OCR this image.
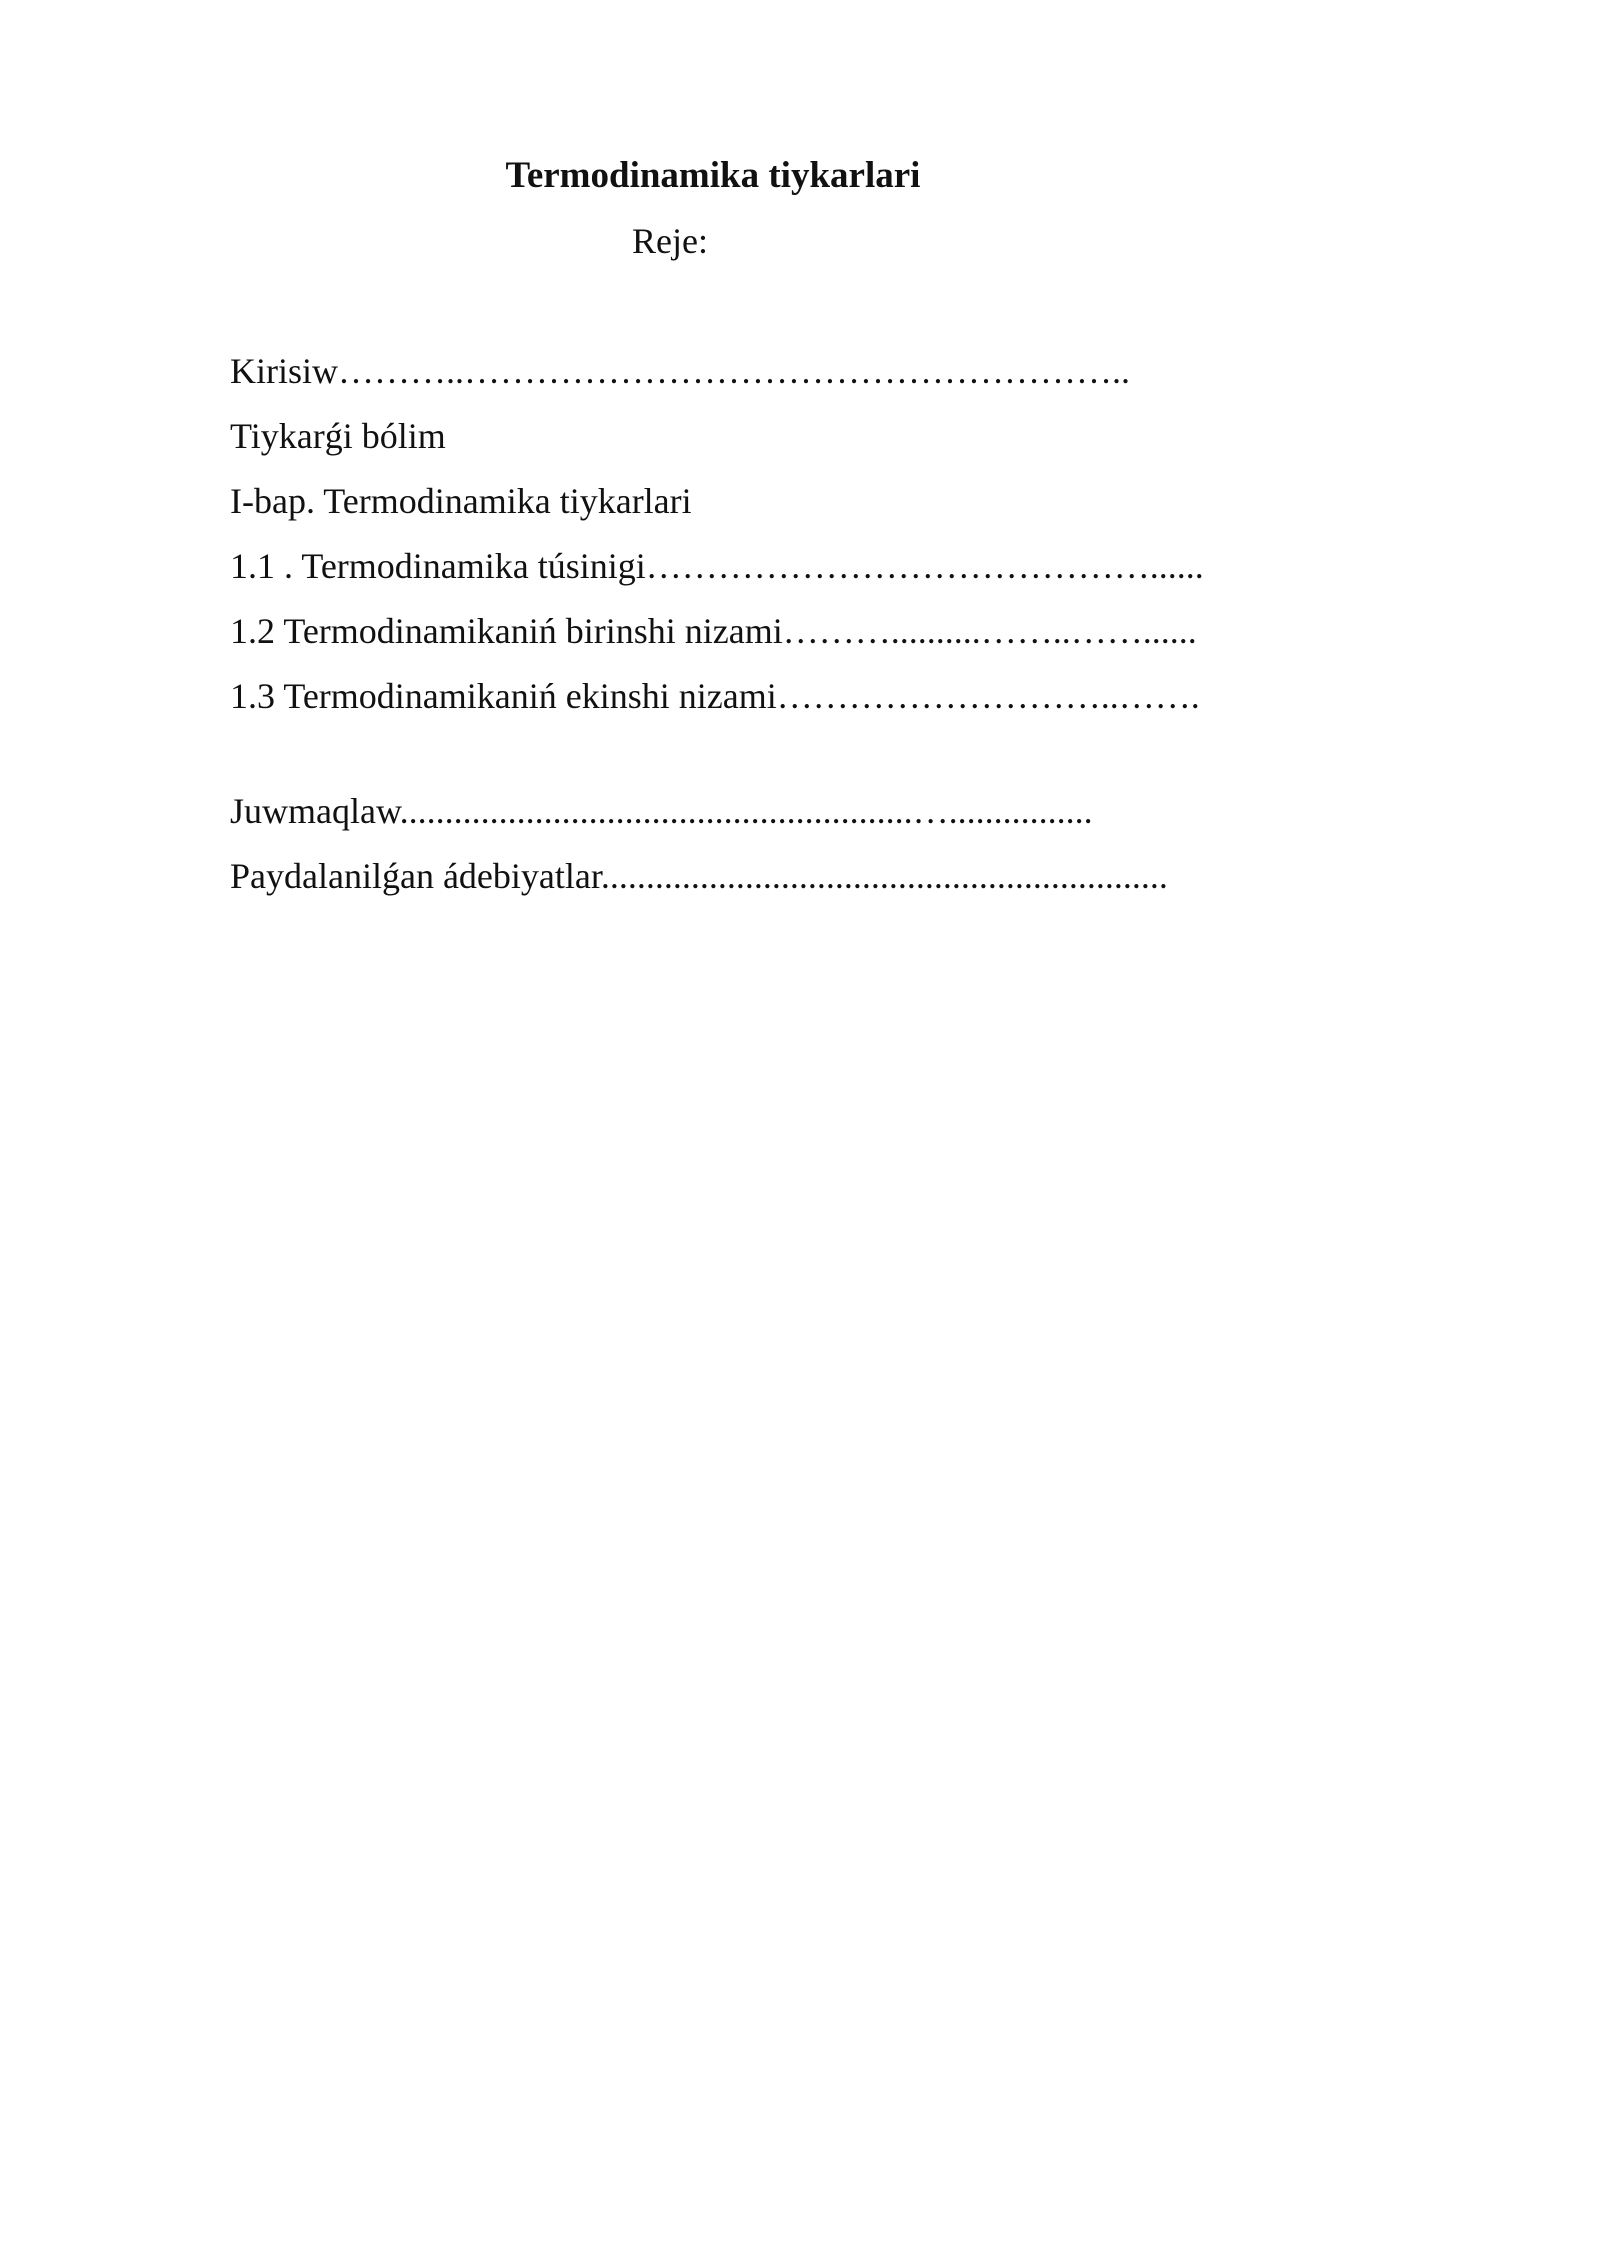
Termodinamika tiykarlari

Reje:

Kirisiw………..………………………………………………..
Tiykarǵi bólim
I-bap. Termodinamika tiykarlari
1.1 . Termodinamika túsinigi……………………………………......
1.2 Termodinamikaniń birinshi nizami………..........……..……......
1.3 Termodinamikaniń ekinshi nizami………………………..…….
Juwmaqlaw.........................................................…................
Paydalanilǵan ádebiyatlar...............................................................
